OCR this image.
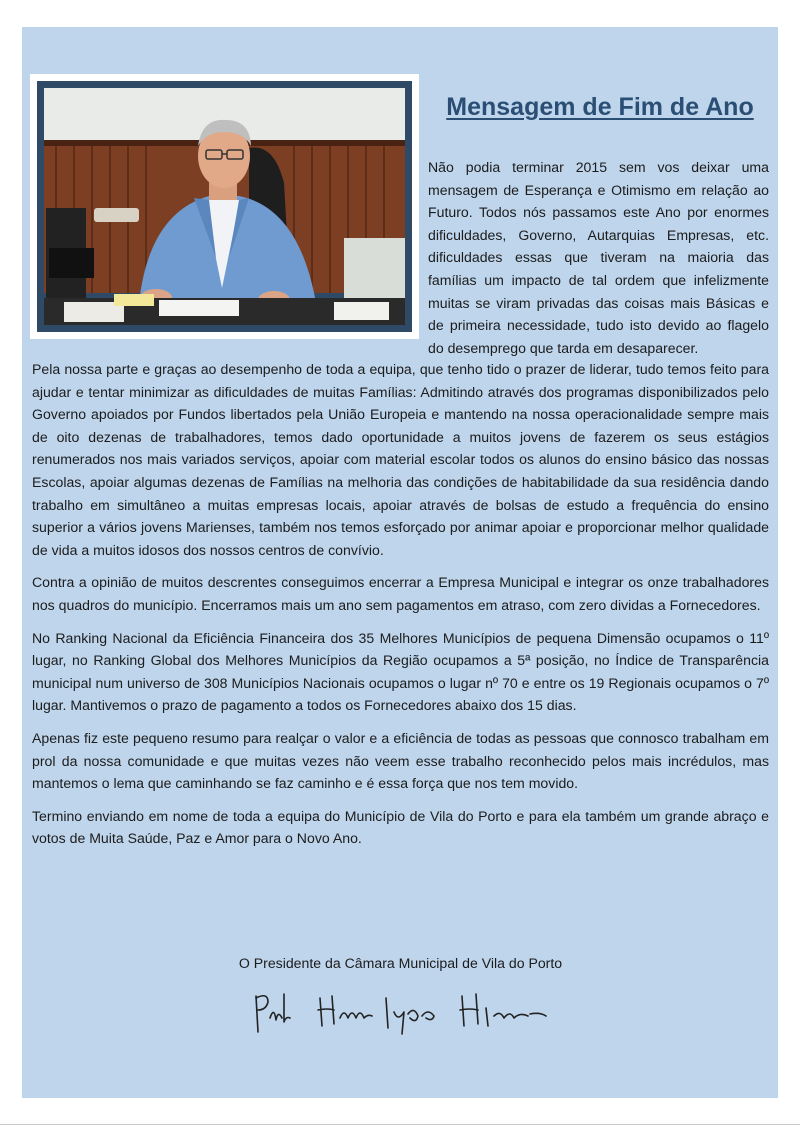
Mensagem de Fim de Ano

Não podia terminar 2015 sem vos deixar uma mensagem de Esperança e Otimismo em relação ao Futuro. Todos nós passamos este Ano por enormes dificuldades, Governo, Autarquias Empresas, etc. dificuldades essas que tiveram na maioria das famílias um impacto de tal ordem que infelizmente muitas se viram privadas das coisas mais Básicas e de primeira necessidade, tudo isto devido ao flagelo do desemprego que tarda em desaparecer.

Pela nossa parte e graças ao desempenho de toda a equipa, que tenho tido o prazer de liderar, tudo temos feito para ajudar e tentar minimizar as dificuldades de muitas Famílias: Admitindo através dos programas disponibilizados pelo Governo apoiados por Fundos libertados pela União Europeia e mantendo na nossa operacionalidade sempre mais de oito dezenas de trabalhadores, temos dado oportunidade a muitos jovens de fazerem os seus estágios renumerados nos mais variados serviços, apoiar com material escolar todos os alunos do ensino básico das nossas Escolas, apoiar algumas dezenas de Famílias na melhoria das condições de habitabilidade da sua residência dando trabalho em simultâneo a muitas empresas locais, apoiar através de bolsas de estudo a frequência do ensino superior a vários jovens Marienses, também nos temos esforçado por animar apoiar e proporcionar melhor qualidade de vida a muitos idosos dos nossos centros de convívio.

Contra a opinião de muitos descrentes conseguimos encerrar a Empresa Municipal e integrar os onze trabalhadores nos quadros do município. Encerramos mais um ano sem pagamentos em atraso, com zero dividas a Fornecedores.

No Ranking Nacional da Eficiência Financeira dos 35 Melhores Municípios de pequena Dimensão ocupamos o 11º lugar, no Ranking Global dos Melhores Municípios da Região ocupamos a 5ª posição, no Índice de Transparência municipal num universo de 308 Municípios Nacionais ocupamos o lugar nº 70 e entre os 19 Regionais ocupamos o 7º lugar. Mantivemos o prazo de pagamento a todos os Fornecedores abaixo dos 15 dias.

Apenas fiz este pequeno resumo para realçar o valor e a eficiência de todas as pessoas que connosco trabalham em prol da nossa comunidade e que muitas vezes não veem esse trabalho reconhecido pelos mais incrédulos, mas mantemos o lema que caminhando se faz caminho e é essa força que nos tem movido.

Termino enviando em nome de toda a equipa do Município de Vila do Porto e para ela também um grande abraço e votos de Muita Saúde, Paz e Amor para o Novo Ano.

O Presidente da Câmara Municipal de Vila do Porto
